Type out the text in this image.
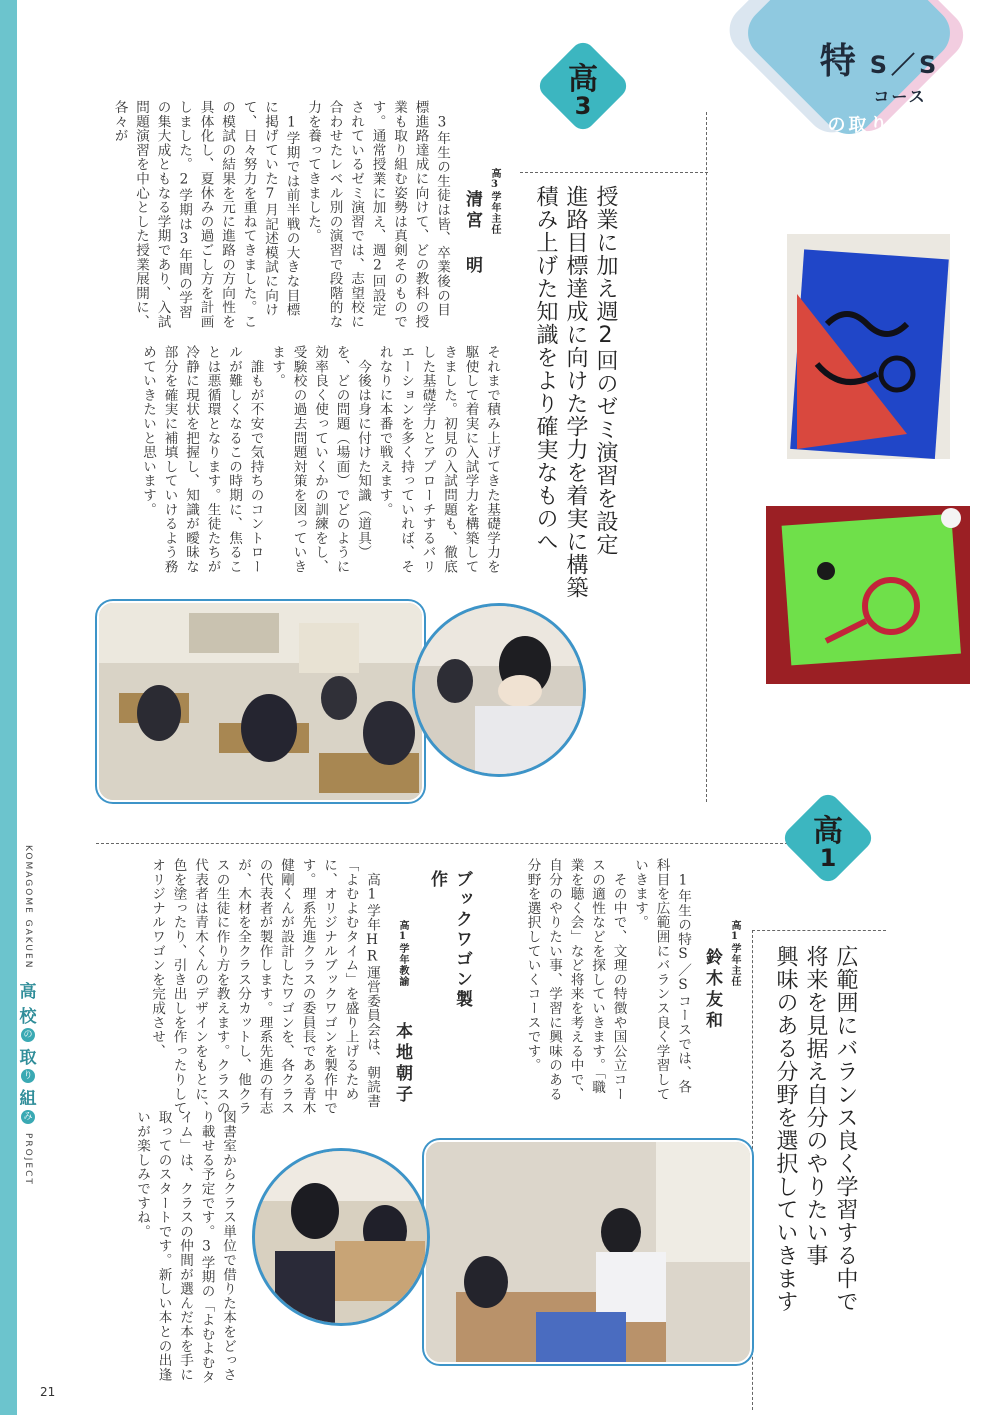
KOMAGOME GAKUEN
高
校
の
取
り
組
み
PROJECT
特 S／S
コース
の取り組み
高
3
授業に加え週2回のゼミ演習を設定
進路目標達成に向けた学力を着実に構築
積み上げた知識をより確実なものへ
高3学年主任 清宮 明

　3年生の生徒は皆、卒業後の目標進路達成に向けて、どの教科の授業も取り組む姿勢は真剣そのものです。通常授業に加え、週2回設定されているゼミ演習では、志望校に合わせたレベル別の演習で段階的な力を養ってきました。

　1学期では前半戦の大きな目標に掲げていた7月記述模試に向けて、日々努力を重ねてきました。この模試の結果を元に進路の方向性を具体化し、夏休みの過ごし方を計画しました。2学期は3年間の学習の集大成ともなる学期であり、入試問題演習を中心とした授業展開に、各々が

それまで積み上げてきた基礎学力を駆使して着実に入試学力を構築してきました。初見の入試問題も、徹底した基礎学力とアプローチするバリエーションを多く持っていれば、それなりに本番で戦えます。

　今後は身に付けた知識（道具）を、どの問題（場面）でどのように効率良く使っていくかの訓練をし、受験校の過去問題対策を図っていきます。

　誰もが不安で気持ちのコントロールが難しくなるこの時期に、焦ることは悪循環となります。生徒たちが冷静に現状を把握し、知識が曖昧な部分を確実に補填していけるよう務めていきたいと思います。

高
1
広範囲にバランス良く学習する中で
将来を見据え自分のやりたい事
興味のある分野を選択していきます
高1学年主任 鈴木友和

　1年生の特S／Sコースでは、各科目を広範囲にバランス良く学習していきます。

　その中で、文理の特徴や国公立コースの適性などを探していきます。「職業を聴く会」など将来を考える中で、自分のやりたい事、学習に興味のある分野を選択していくコースです。

ブックワゴン製作
高1学年教諭 本地朝子

　高1学年HR運営委員会は、朝読書「よむよむタイム」を盛り上げるために、オリジナルブックワゴンを製作中です。理系先進クラスの委員長である青木健剛くんが設計したワゴンを、各クラスの代表者が製作します。理系先進の有志が、木材を全クラス分カットし、他クラスの生徒に作り方を教えます。クラスの代表者は青木くんのデザインをもとに、色を塗ったり、引き出しを作ったりしてオリジナルワゴンを完成させ、

図書室からクラス単位で借りた本をどっさり載せる予定です。3学期の「よむよむタイム」は、クラスの仲間が選んだ本を手に取ってのスタートです。新しい本との出逢いが楽しみですね。

21
